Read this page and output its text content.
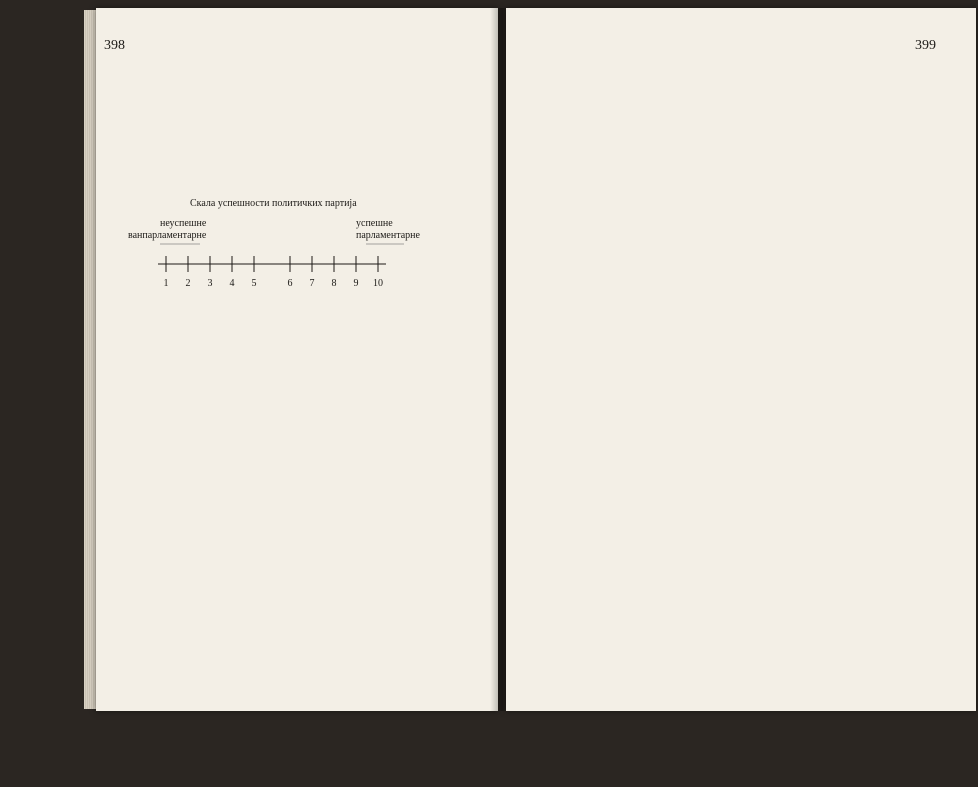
398
Скала успешности политичких партија
неуспешне
ванпарламентарне
успешне
парламентарне
1 2 3 4 5	6 7 8 9 10
399
